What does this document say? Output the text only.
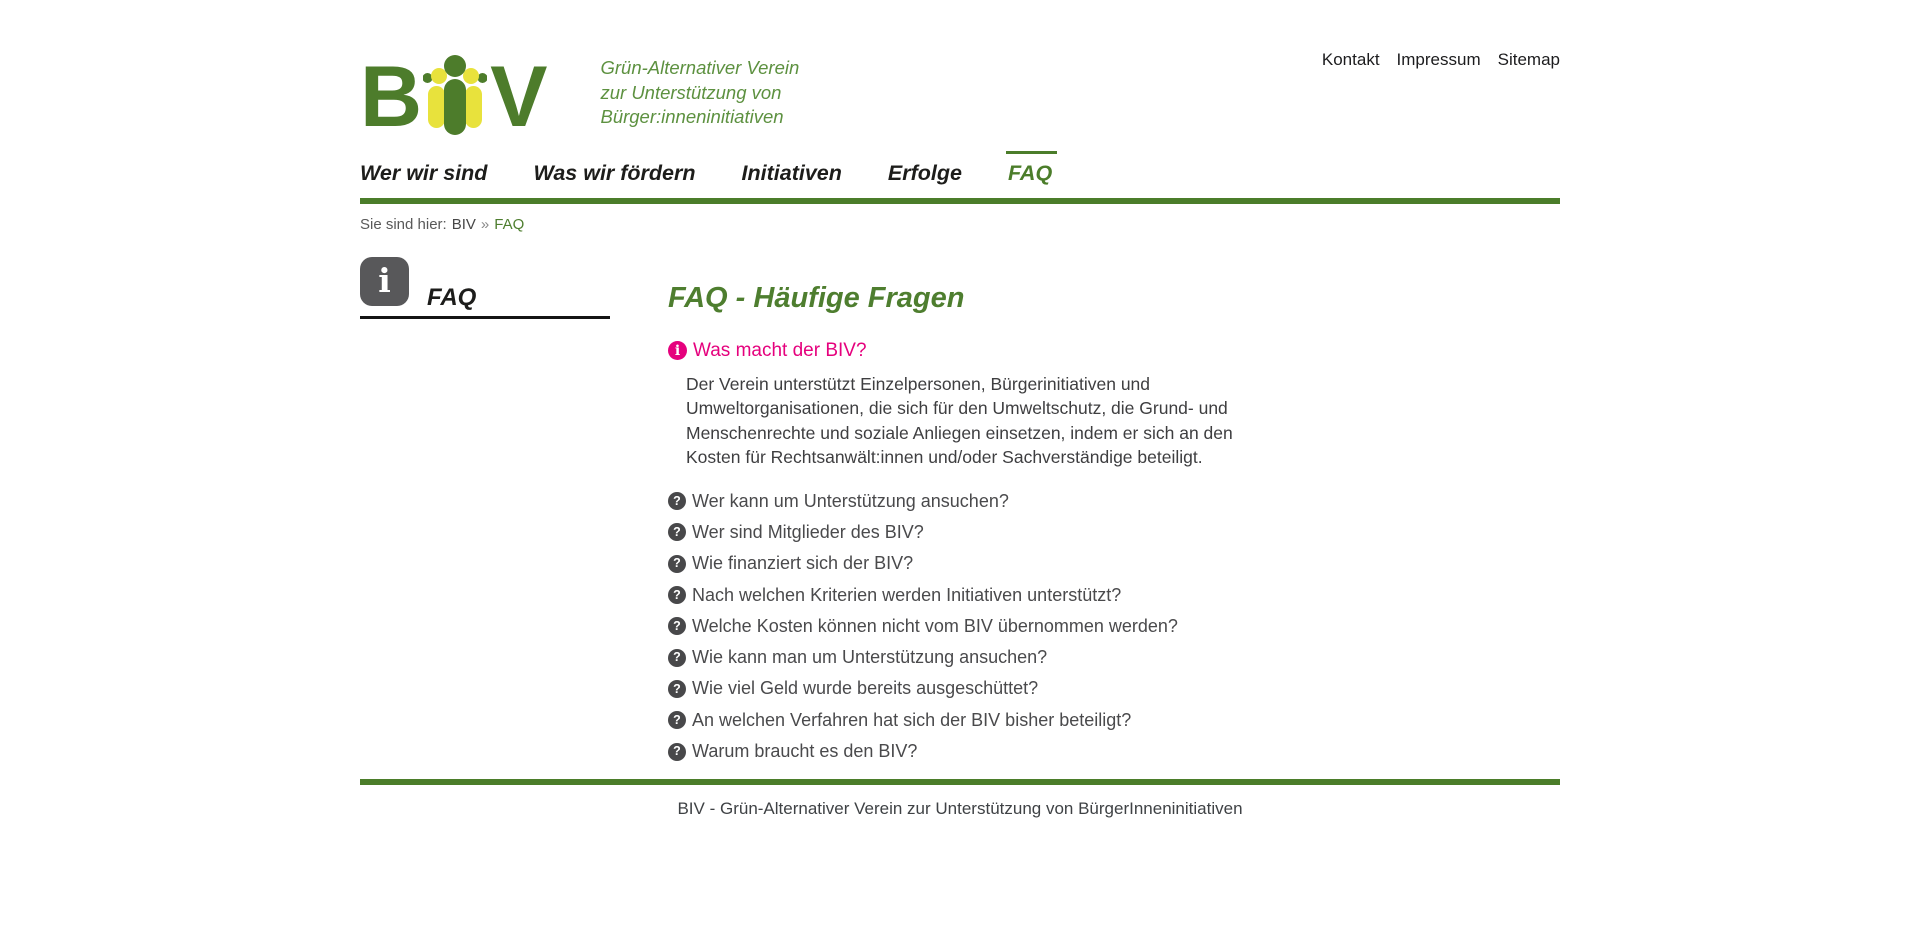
Kontakt Impressum Sitemap
B V	Grün-Alternativer Verein
zur Unterstützung von
Bürger:inneninitiativen
Wer wir sind Was wir fördern Initiativen Erfolge FAQ
Sie sind hier: BIV » FAQ
i
FAQ	FAQ - Häufige Fragen
i
Was macht der BIV?

Der Verein unterstützt Einzelpersonen, Bürgerinitiativen und Umweltorganisationen, die sich für den Umweltschutz, die Grund- und Menschenrechte und soziale Anliegen einsetzen, indem er sich an den Kosten für Rechtsanwält:innen und/oder Sachverständige beteiligt.

?
Wer kann um Unterstützung ansuchen?
?
Wer sind Mitglieder des BIV?
?
Wie finanziert sich der BIV?
?
Nach welchen Kriterien werden Initiativen unterstützt?
?
Welche Kosten können nicht vom BIV übernommen werden?
?
Wie kann man um Unterstützung ansuchen?
?
Wie viel Geld wurde bereits ausgeschüttet?
?
An welchen Verfahren hat sich der BIV bisher beteiligt?
?
Warum braucht es den BIV?
BIV - Grün-Alternativer Verein zur Unterstützung von BürgerInneninitiativen
